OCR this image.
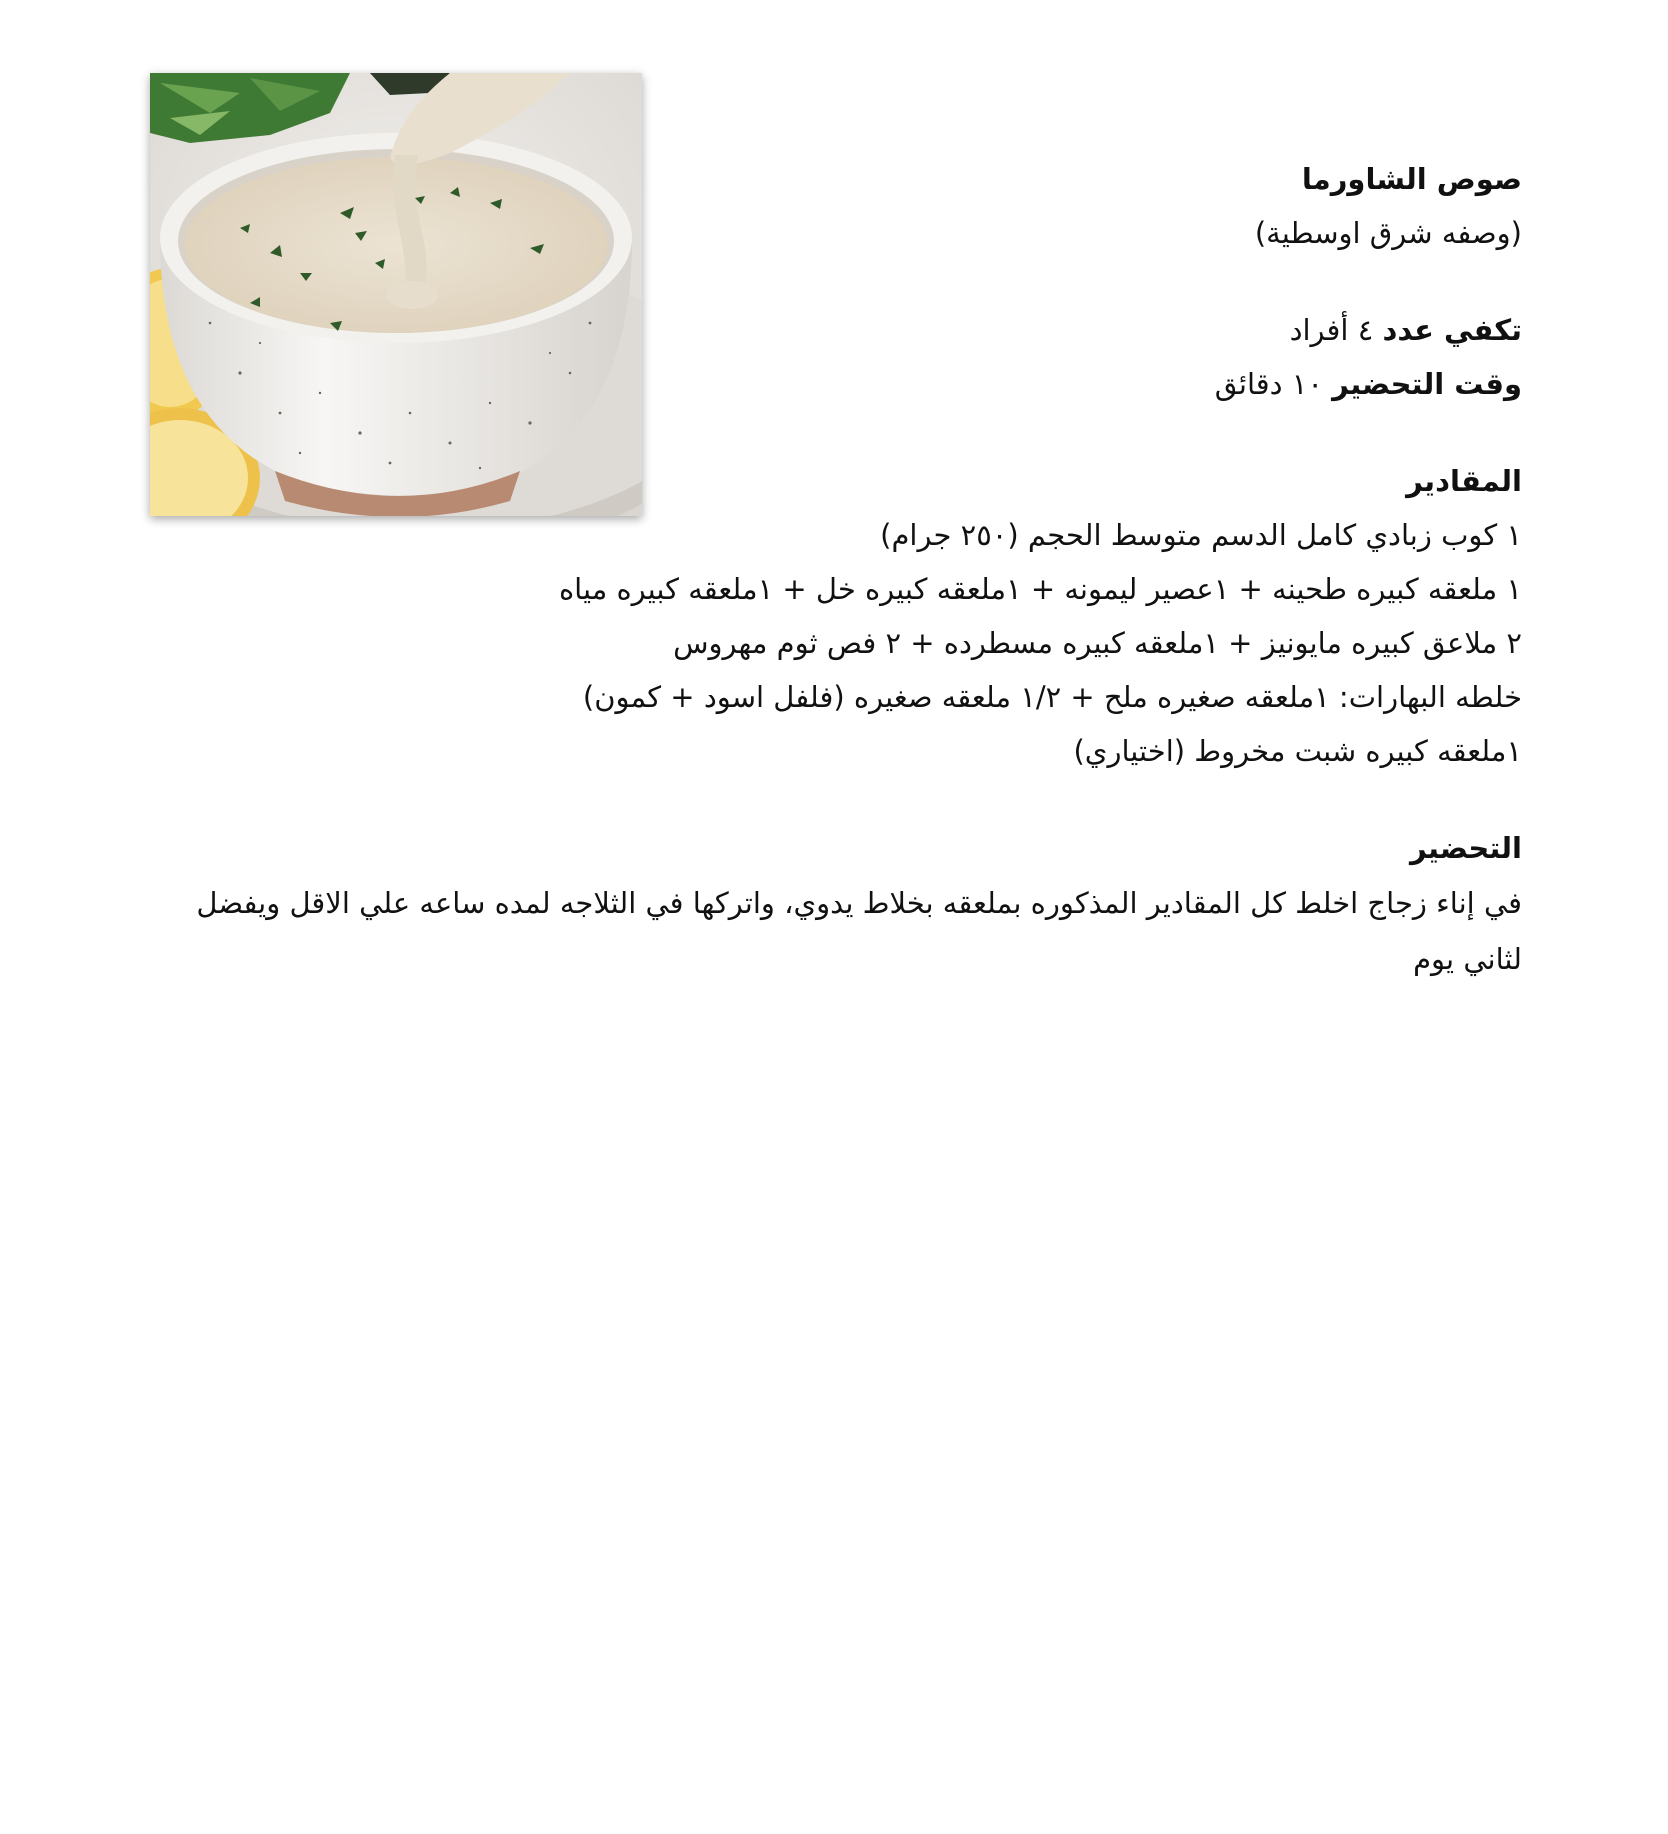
صوص الشاورما

(وصفه شرق اوسطية)

تكفي عدد ٤ أفراد

وقت التحضير ١٠ دقائق

المقادير

١ كوب زبادي كامل الدسم متوسط الحجم (٢٥٠ جرام)

١ ملعقه كبيره طحينه + ١عصير ليمونه + ١ملعقه كبيره خل + ١ملعقه كبيره مياه

٢ ملاعق كبيره مايونيز + ١ملعقه كبيره مسطرده + ٢ فص ثوم مهروس

خلطه البهارات: ١ملعقه صغيره ملح + ١/٢ ملعقه صغيره (فلفل اسود + كمون)

١ملعقه كبيره شبت مخروط (اختياري)

التحضير

في إناء زجاج اخلط كل المقادير المذكوره بملعقه بخلاط يدوي، واتركها في الثلاجه لمده ساعه علي الاقل ويفضل لثاني يوم
